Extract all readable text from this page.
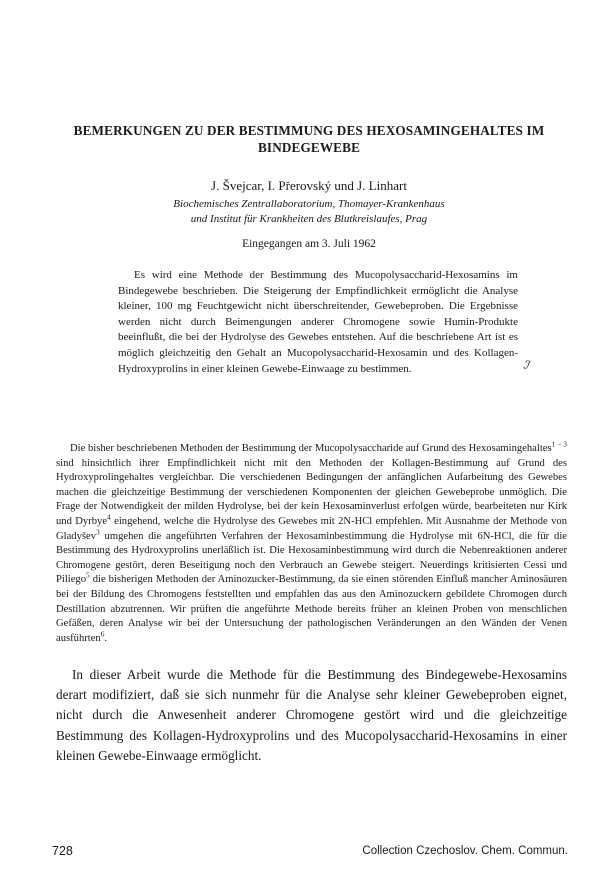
BEMERKUNGEN ZU DER BESTIMMUNG DES HEXOSAMINGEHALTES IM BINDEGEWEBE
J. Švejcar, I. Přerovský und J. Linhart
Biochemisches Zentrallaboratorium, Thomayer-Krankenhaus
und Institut für Krankheiten des Blutkreislaufes, Prag
Eingegangen am 3. Juli 1962

Es wird eine Methode der Bestimmung des Mucopolysaccharid-Hexosamins im Bindegewebe beschrieben. Die Steigerung der Empfindlichkeit ermöglicht die Analyse kleiner, 100 mg Feuchtgewicht nicht überschreitender, Gewebeproben. Die Ergebnisse werden nicht durch Beimengungen anderer Chromogene sowie Humin-Produkte beeinflußt, die bei der Hydrolyse des Gewebes entstehen. Auf die beschriebene Art ist es möglich gleichzeitig den Gehalt an Mucopolysaccharid-Hexosamin und des Kollagen-Hydroxyprolins in einer kleinen Gewebe-Einwaage zu bestimmen.	ℐ

Die bisher beschriebenen Methoden der Bestimmung der Mucopolysaccharide auf Grund des Hexosamingehaltes$^{1 - 3}$ sind hinsichtlich ihrer Empfindlichkeit nicht mit den Methoden der Kollagen-Bestimmung auf Grund des Hydroxyprolingehaltes vergleichbar. Die verschiedenen Bedingungen der anfänglichen Aufarbeitung des Gewebes machen die gleichzeitige Bestimmung der verschiedenen Komponenten der gleichen Gewebeprobe unmöglich. Die Frage der Notwendigkeit der milden Hydrolyse, bei der kein Hexosaminverlust erfolgen würde, bearbeiteten nur Kirk und Dyrbye$^4$ eingehend, welche die Hydrolyse des Gewebes mit 2N-HCl empfehlen. Mit Ausnahme der Methode von Gladyšev$^3$ umgehen die angeführten Verfahren der Hexosaminbestimmung die Hydrolyse mit 6N-HCl, die für die Bestimmung des Hydroxyprolins unerläßlich ist. Die Hexosaminbestimmung wird durch die Nebenreaktionen anderer Chromogene gestört, deren Beseitigung noch den Verbrauch an Gewebe steigert. Neuerdings kritisierten Cessi und Piliego$^5$ die bisherigen Methoden der Aminozucker-Bestimmung, da sie einen störenden Einfluß mancher Aminosäuren bei der Bildung des Chromogens feststellten und empfahlen das aus den Aminozuckern gebildete Chromogen durch Destillation abzutrennen. Wir prüften die angeführte Methode bereits früher an kleinen Proben von menschlichen Gefäßen, deren Analyse wir bei der Untersuchung der pathologischen Veränderungen an den Wänden der Venen ausführten$^6$.

In dieser Arbeit wurde die Methode für die Bestimmung des Bindegewebe-Hexosamins derart modifiziert, daß sie sich nunmehr für die Analyse sehr kleiner Gewebeproben eignet, nicht durch die Anwesenheit anderer Chromogene gestört wird und die gleichzeitige Bestimmung des Kollagen-Hydroxyprolins und des Mucopolysaccharid-Hexosamins in einer kleinen Gewebe-Einwaage ermöglicht.

728	Collection Czechoslov. Chem. Commun.
